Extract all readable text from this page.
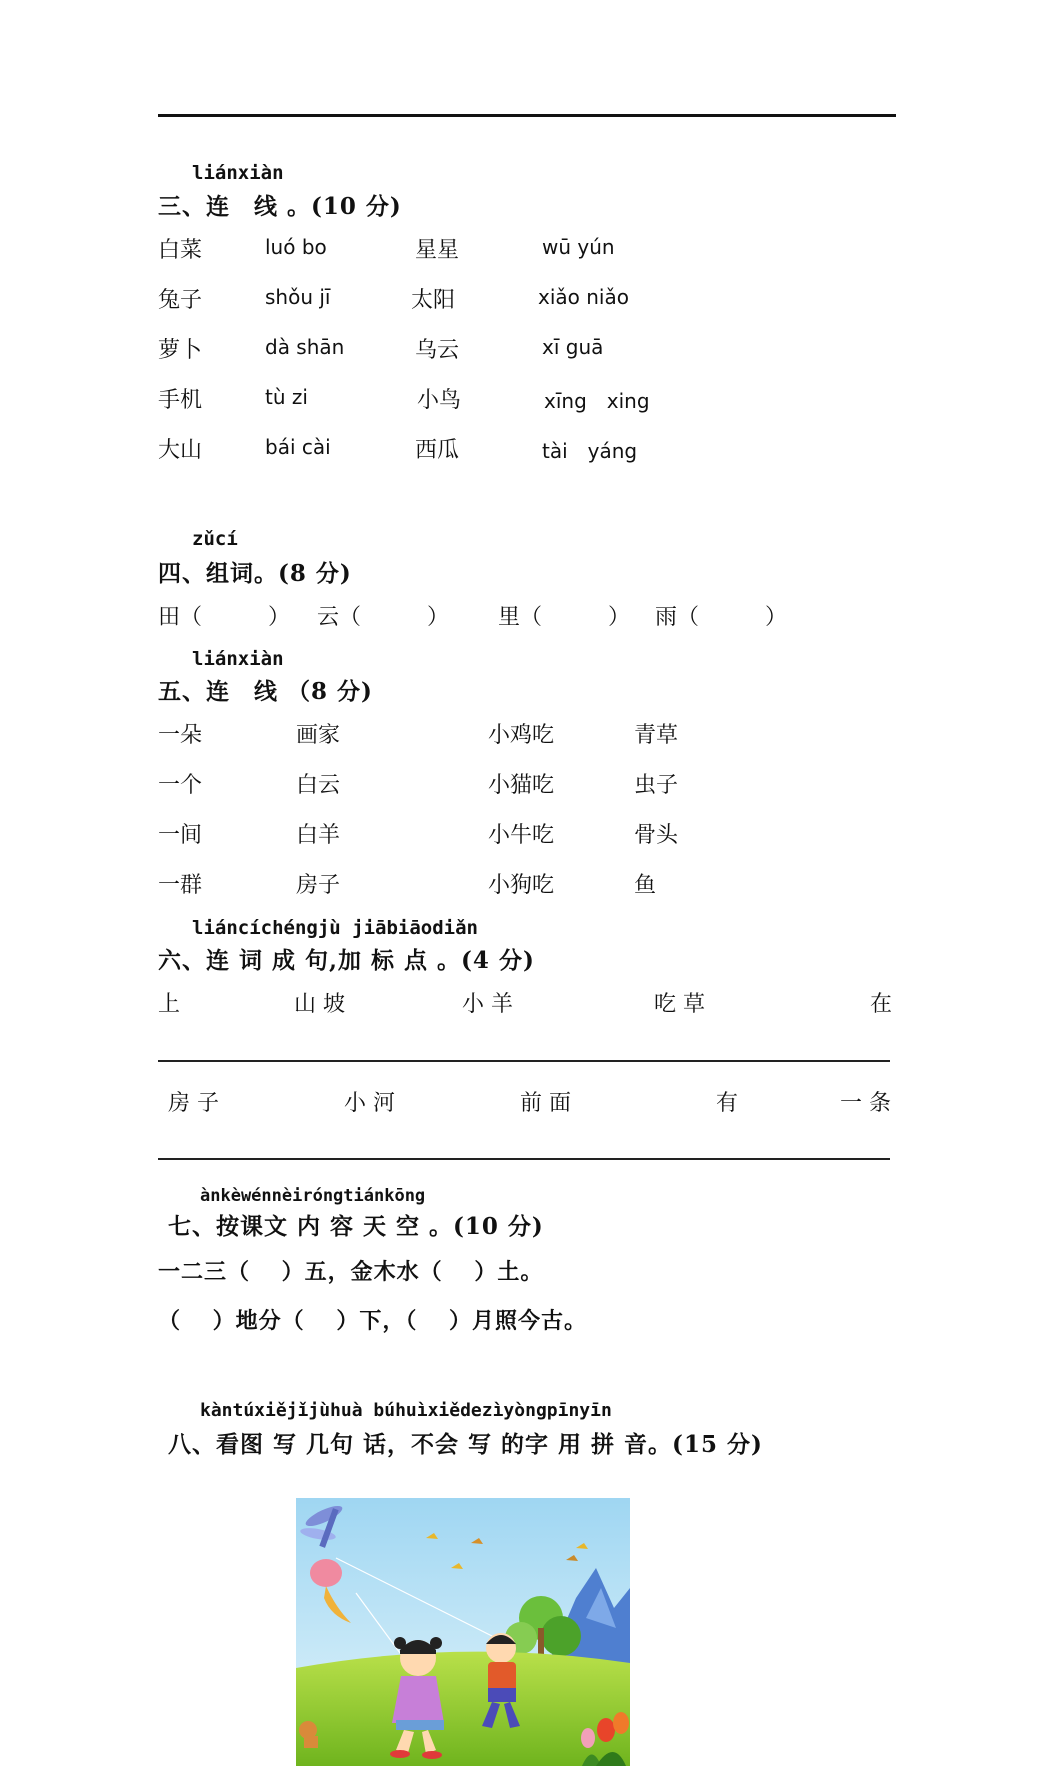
liánxiàn
三、连　线 。(10 分)
白菜	luó bo	星星	wū yún
兔子	shǒu jī	太阳	xiǎo niǎo
萝卜	dà shān	乌云	xī guā
手机	tù zi	小鸟	xīng　xing
大山	bái cài	西瓜	tài　yáng
zǔcí
四、组词。(8 分)
田（　　　） 云（　　　） 里（　　　） 雨（　　　）
liánxiàn
五、连　线 （8 分)
一朵	画家	小鸡吃	青草
一个	白云	小猫吃	虫子
一间	白羊	小牛吃	骨头
一群	房子	小狗吃	鱼
liáncíchéngjù jiābiāodiǎn
六、连 词 成 句,加 标 点 。(4 分)
上	山 坡	小 羊	吃 草	在
房 子	小 河	前 面	有	一 条
ànkèwénnèiróngtiánkōng
七、按课文 内 容 天 空 。(10 分)
一二三（　 ）五，金木水（　 ）土。
（　 ）地分（　 ）下，（　 ）月照今古。
kàntúxiějǐjùhuà búhuìxiědezìyòngpīnyīn
八、看图 写 几句 话，不会 写 的字 用 拼 音。(15 分)
